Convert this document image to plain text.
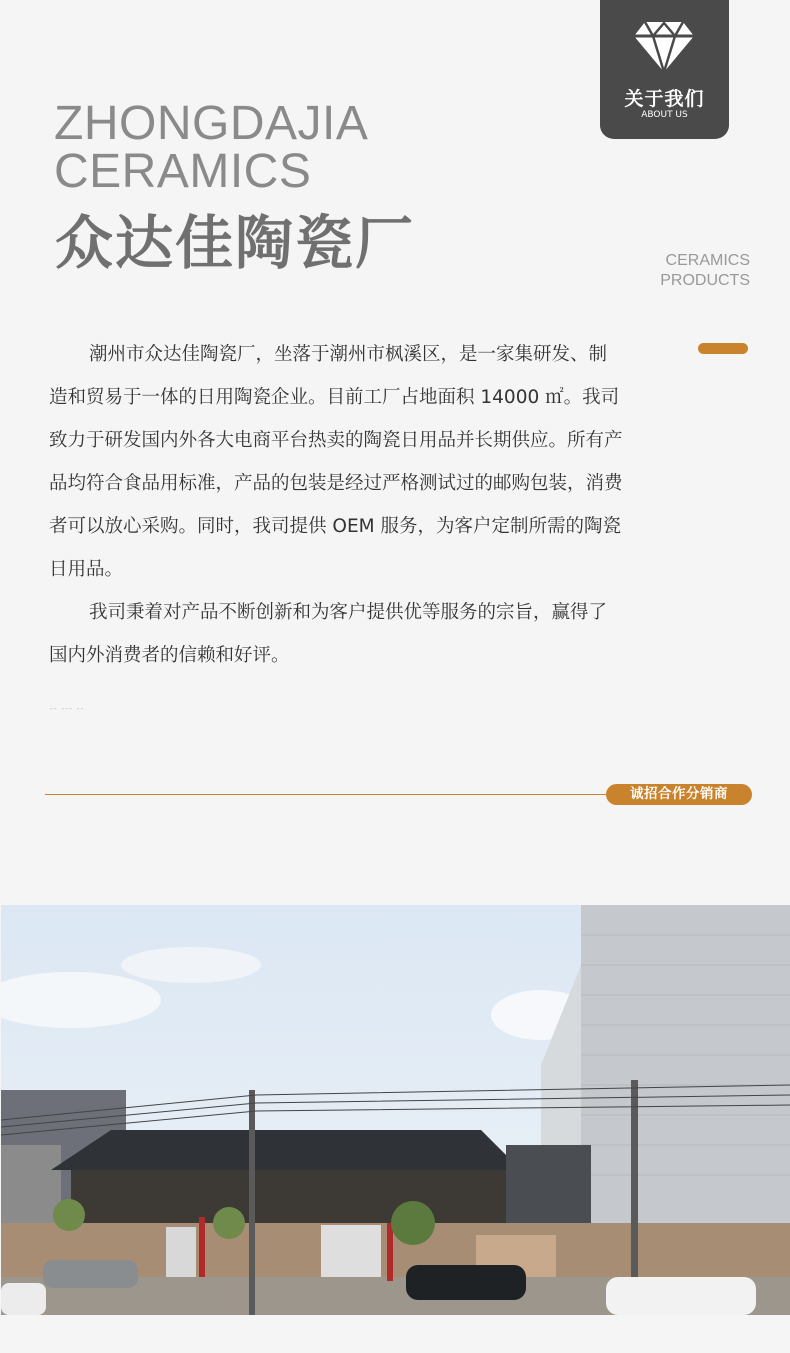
关于我们
ABOUT US
ZHONGDAJIA
CERAMICS
众达佳陶瓷厂	CERAMICS
PRODUCTS

潮州市众达佳陶瓷厂，坐落于潮州市枫溪区，是一家集研发、制造和贸易于一体的日用陶瓷企业。目前工厂占地面积 14000 ㎡。我司致力于研发国内外各大电商平台热卖的陶瓷日用品并长期供应。所有产品均符合食品用标准，产品的包装是经过严格测试过的邮购包装，消费者可以放心采购。同时，我司提供 OEM 服务，为客户定制所需的陶瓷日用品。

我司秉着对产品不断创新和为客户提供优等服务的宗旨，赢得了国内外消费者的信赖和好评。

-- --- --
诚招合作分销商
